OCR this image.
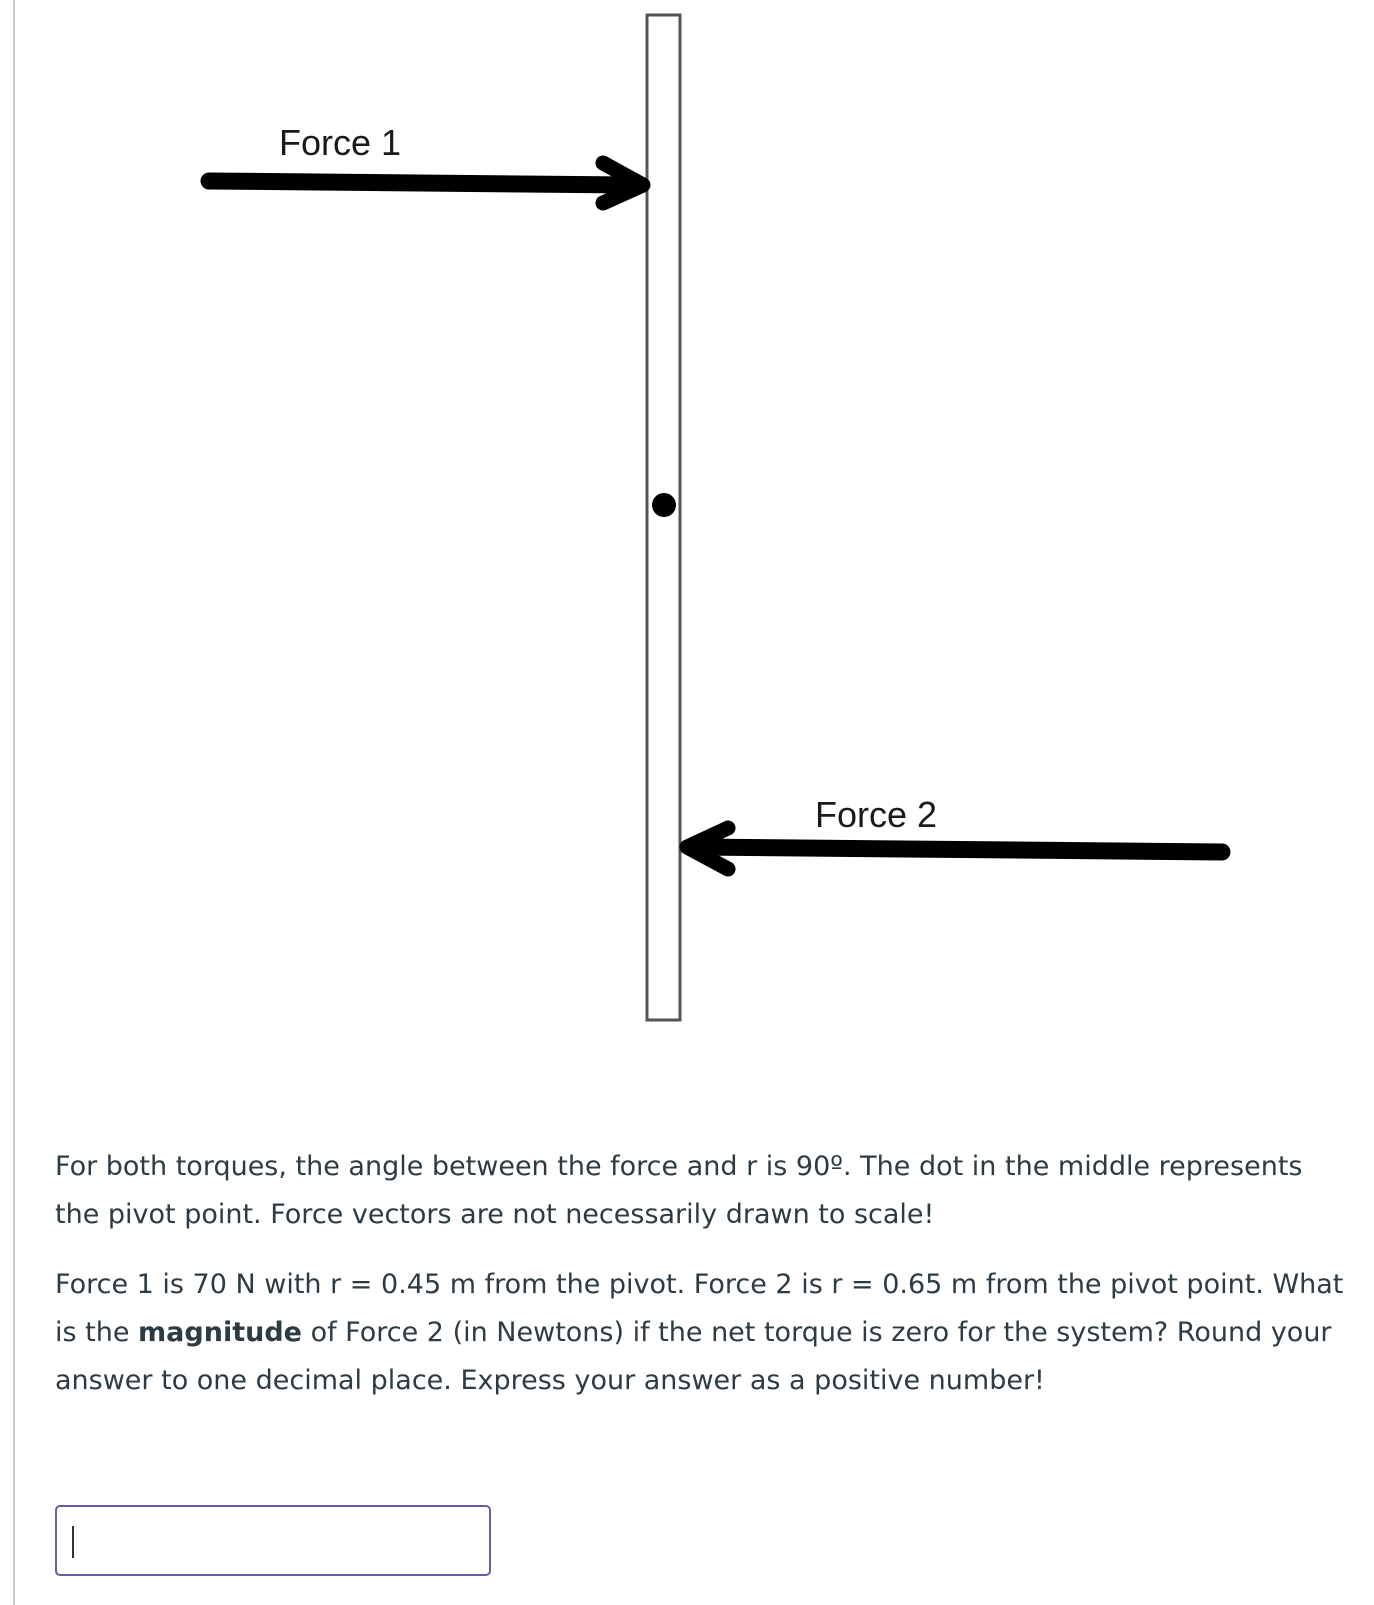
Force 1
Force 2

For both torques, the angle between the force and r is 90º. The dot in the middle represents the pivot point. Force vectors are not necessarily drawn to scale!

Force 1 is 70 N with r = 0.45 m from the pivot. Force 2 is r = 0.65 m from the pivot point. What is the magnitude of Force 2 (in Newtons) if the net torque is zero for the system? Round your answer to one decimal place. Express your answer as a positive number!
